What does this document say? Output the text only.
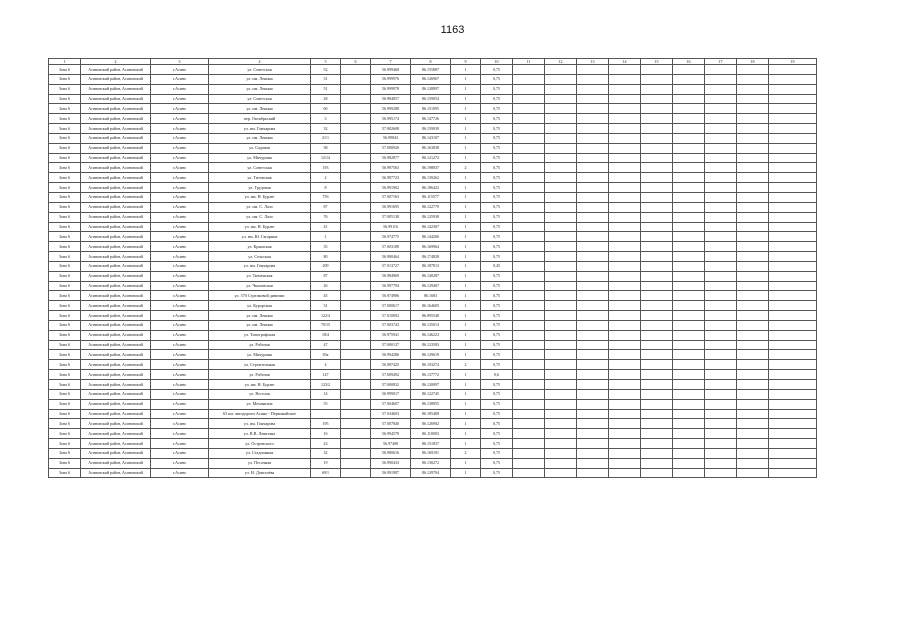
1163
1	2	3	4	5	6	7	8	9	10	11	12	13	14	15	16	17	18	19
Зона 6	Асиновский район, Асиновский	г.Асино	ул. Советская	52		56.999468	86.155887	1	0,75									
Зона 6	Асиновский район, Асиновский	г.Асино	ул. им. Ленина	31		56.999976	86.126967	1	0,75									
Зона 6	Асиновский район, Асиновский	г.Асино	ул. им. Ленина	51		56.999978	86.128897	1	0,75									
Зона 6	Асиновский район, Асиновский	г.Асино	ул. Советская	28		56.984857	86.159054	1	0,75									
Зона 6	Асиновский район, Асиновский	г.Асино	ул. им. Ленина	60		56.999288	86.151095	1	0,75									
Зона 6	Асиновский район, Асиновский	г.Асино	пер. Октябрьский	3		56.995174	86.147726	1	0,75									
Зона 6	Асиновский район, Асиновский	г.Асино	ул. им. Гончарова	32		57.002608	86.159039	1	0,75									
Зона 6	Асиновский район, Асиновский	г.Асино	ул. им. Ленина	21/1		56.99843	86.143107	1	0,75									
Зона 6	Асиновский район, Асиновский	г.Асино	ул. Садовая	38		57.000926	86.163838	1	0,75									
Зона 6	Асиновский район, Асиновский	г.Асино	ул. Мичурина	12/14		56.982877	86.121272	1	0,75									
Зона 6	Асиновский район, Асиновский	г.Асино	ул. Советская	193		56.997563	86.198837	2	0,75									
Зона 6	Асиновский район, Асиновский	г.Асино	ул. Титовская	2		56.997723	86.139262	1	0,75									
Зона 6	Асиновский район, Асиновский	г.Асино	ул. Трудовая	8		56.991902	86.186423	1	0,75									
Зона 6	Асиновский район, Асиновский	г.Асино	ул. им. Н. Бурлю	75б		57.007163	86.115577	1	0,75									
Зона 6	Асиновский район, Асиновский	г.Асино	ул. им. С. Лазо	87		56.991695	86.122779	1	0,75									
Зона 6	Асиновский район, Асиновский	г.Асино	ул. им. С. Лазо	76		57.005138	86.125938	1	0,75									
Зона 6	Асиновский район, Асиновский	г.Асино	ул. им. Н. Бурлю	41		56.99116	86.142307	1	0,75									
Зона 6	Асиновский район, Асиновский	г.Асино	ул. им. Ю. Гагарина	1		56.974775	86.144206	1	0,75									
Зона 6	Асиновский район, Асиновский	г.Асино	ул. Крымская	35		57.003188	86.169964	1	0,75									
Зона 6	Асиновский район, Асиновский	г.Асино	ул. Сельская	80		56.980464	86.174828	1	0,75									
Зона 6	Асиновский район, Асиновский	г.Асино	ул. им. Гончарова	209		57.013727	86.187813	1	0,45									
Зона 6	Асиновский район, Асиновский	г.Асино	ул. Тюменская	87		56.984969	86.140287	1	0,75									
Зона 6	Асиновский район, Асиновский	г.Асино	ул. Чкаловская	26		56.997794	86.129407	1	0,75									
Зона 6	Асиновский район, Асиновский	г.Асино	ул. 370 Стрелковой дивизии	45		56.974986	86.1683	1	0,75									
Зона 6	Асиновский район, Асиновский	г.Асино	ул. Курортная	31		57.000617	86.164605	1	0,75									
Зона 6	Асиновский район, Асиновский	г.Асино	ул. им. Ленина	122/4		57.010092	86.095548	1	0,75									
Зона 6	Асиновский район, Асиновский	г.Асино	ул. им. Ленина	70/15		57.003743	86.135013	1	0,75									
Зона 6	Асиновский район, Асиновский	г.Асино	ул. Типографская	18/4		56.975941	86.146223	1	0,75									
Зона 6	Асиновский район, Асиновский	г.Асино	ул. Рабочая	47		57.000137	86.123583	1	0,75									
Зона 6	Асиновский район, Асиновский	г.Асино	ул. Мичурина	83а		56.994286	86.129619	1	0,75									
Зона 6	Асиновский район, Асиновский	г.Асино	ул. Строительная	4		56.987425	86.103274	2	0,75									
Зона 6	Асиновский район, Асиновский	г.Асино	ул. Рабочая	147		57.009492	86.137772	1	0,6									
Зона 6	Асиновский район, Асиновский	г.Асино	ул. им. Н. Бурлю	123/2		57.000832	86.120097	1	0,75									
Зона 6	Асиновский район, Асиновский	г.Асино	ул. Веселая	14		56.999017	86.122745	1	0,75									
Зона 6	Асиновский район, Асиновский	г.Асино	ул. Механизма	55		57.004607	86.138855	1	0,75									
Зона 6	Асиновский район, Асиновский	г.Асино	63 км. автодороги Асино - Первомайское			57.034603	86.185408	1	0,75									
Зона 6	Асиновский район, Асиновский	г.Асино	ул. им. Гончарова	195		57.007840	86.126902	1	0,75									
Зона 6	Асиновский район, Асиновский	г.Асино	ул. В.В. Левитана	16		56.994578	86.110003	1	0,75									
Зона 6	Асиновский район, Асиновский	г.Асино	ул. Островского	23		56.97408	86.151837	1	0,75									
Зона 6	Асиновский район, Асиновский	г.Асино	ул. Стадионная	32		56.980616	86.169181	2	0,75									
Зона 6	Асиновский район, Асиновский	г.Асино	ул. Песочная	19		56.990433	86.130272	1	0,75									
Зона 6	Асиновский район, Асиновский	г.Асино	ул. Н. Довгалёва	69/1		56.991987	86.129794	1	0,75									
